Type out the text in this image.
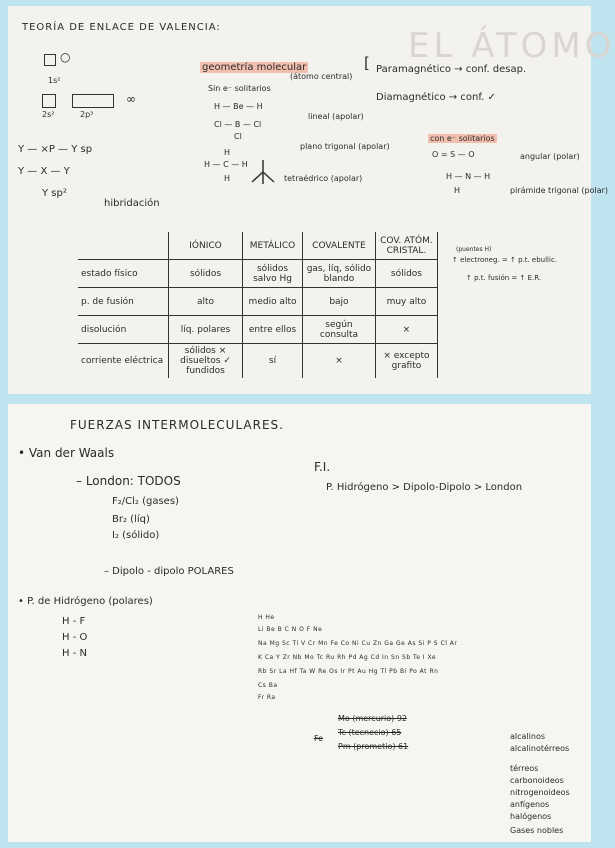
EL ÁTOMO
TEORÍA DE ENLACE DE VALENCIA:
○
1s²
∞
2s²	2p³
Y — ×P — Y sp
Y — X — Y
Y sp²
hibridación
geometría molecular
(átomo central)
Sin e⁻ solitarios
H — Be — H
lineal (apolar)
Cl — B — Cl
Cl
plano trigonal (apolar)
H
H — C — H
H	tetraédrico (apolar)
[ Paramagnético → conf. desap.
Diamagnético → conf. ✓
con e⁻ solitarios
O = S — O	angular (polar)
H — N — H
H	pirámide trigonal (polar)
(puentes H)
↑ electroneg. = ↑ p.t. ebullic.
↑ p.t. fusión = ↑ E.R.
	IÓNICO	METÁLICO	COVALENTE	COV. ATÓM. CRISTAL.
estado físico	sólidos	sólidos salvo Hg	gas, líq, sólido blando	sólidos
p. de fusión	alto	medio alto	bajo	muy alto
disolución	líq. polares	entre ellos	según consulta	×
corriente eléctrica	sólidos × disueltos ✓ fundidos	sí	×	× excepto grafito
FUERZAS INTERMOLECULARES.
• Van der Waals
– London: TODOS
F₂/Cl₂ (gases)
Br₂ (líq)
I₂ (sólido)
– Dipolo - dipolo POLARES
• P. de Hidrógeno (polares)
H - F
H - O
H - N
F.I.
P. Hidrógeno > Dipolo-Dipolo > London
H He
Li Be B C N O F Ne
Na Mg Sc Ti V Cr Mn Fe Co Ni Cu Zn Ga Ge As Si P S Cl Ar
K Ca Y Zr Nb Mo Tc Ru Rh Pd Ag Cd In Sn Sb Te I Xe
Rb Sr La Hf Ta W Re Os Ir Pt Au Hg Tl Pb Bi Po At Rn
Cs Ba
Fr Ra
Mo (mercurio) 92
Tc (tecnecio) 65
Fe
Pm (prometio) 61
alcalinos
alcalinotérreos
térreos
carbonoideos
nitrogenoideos
anfígenos
halógenos
Gases nobles
